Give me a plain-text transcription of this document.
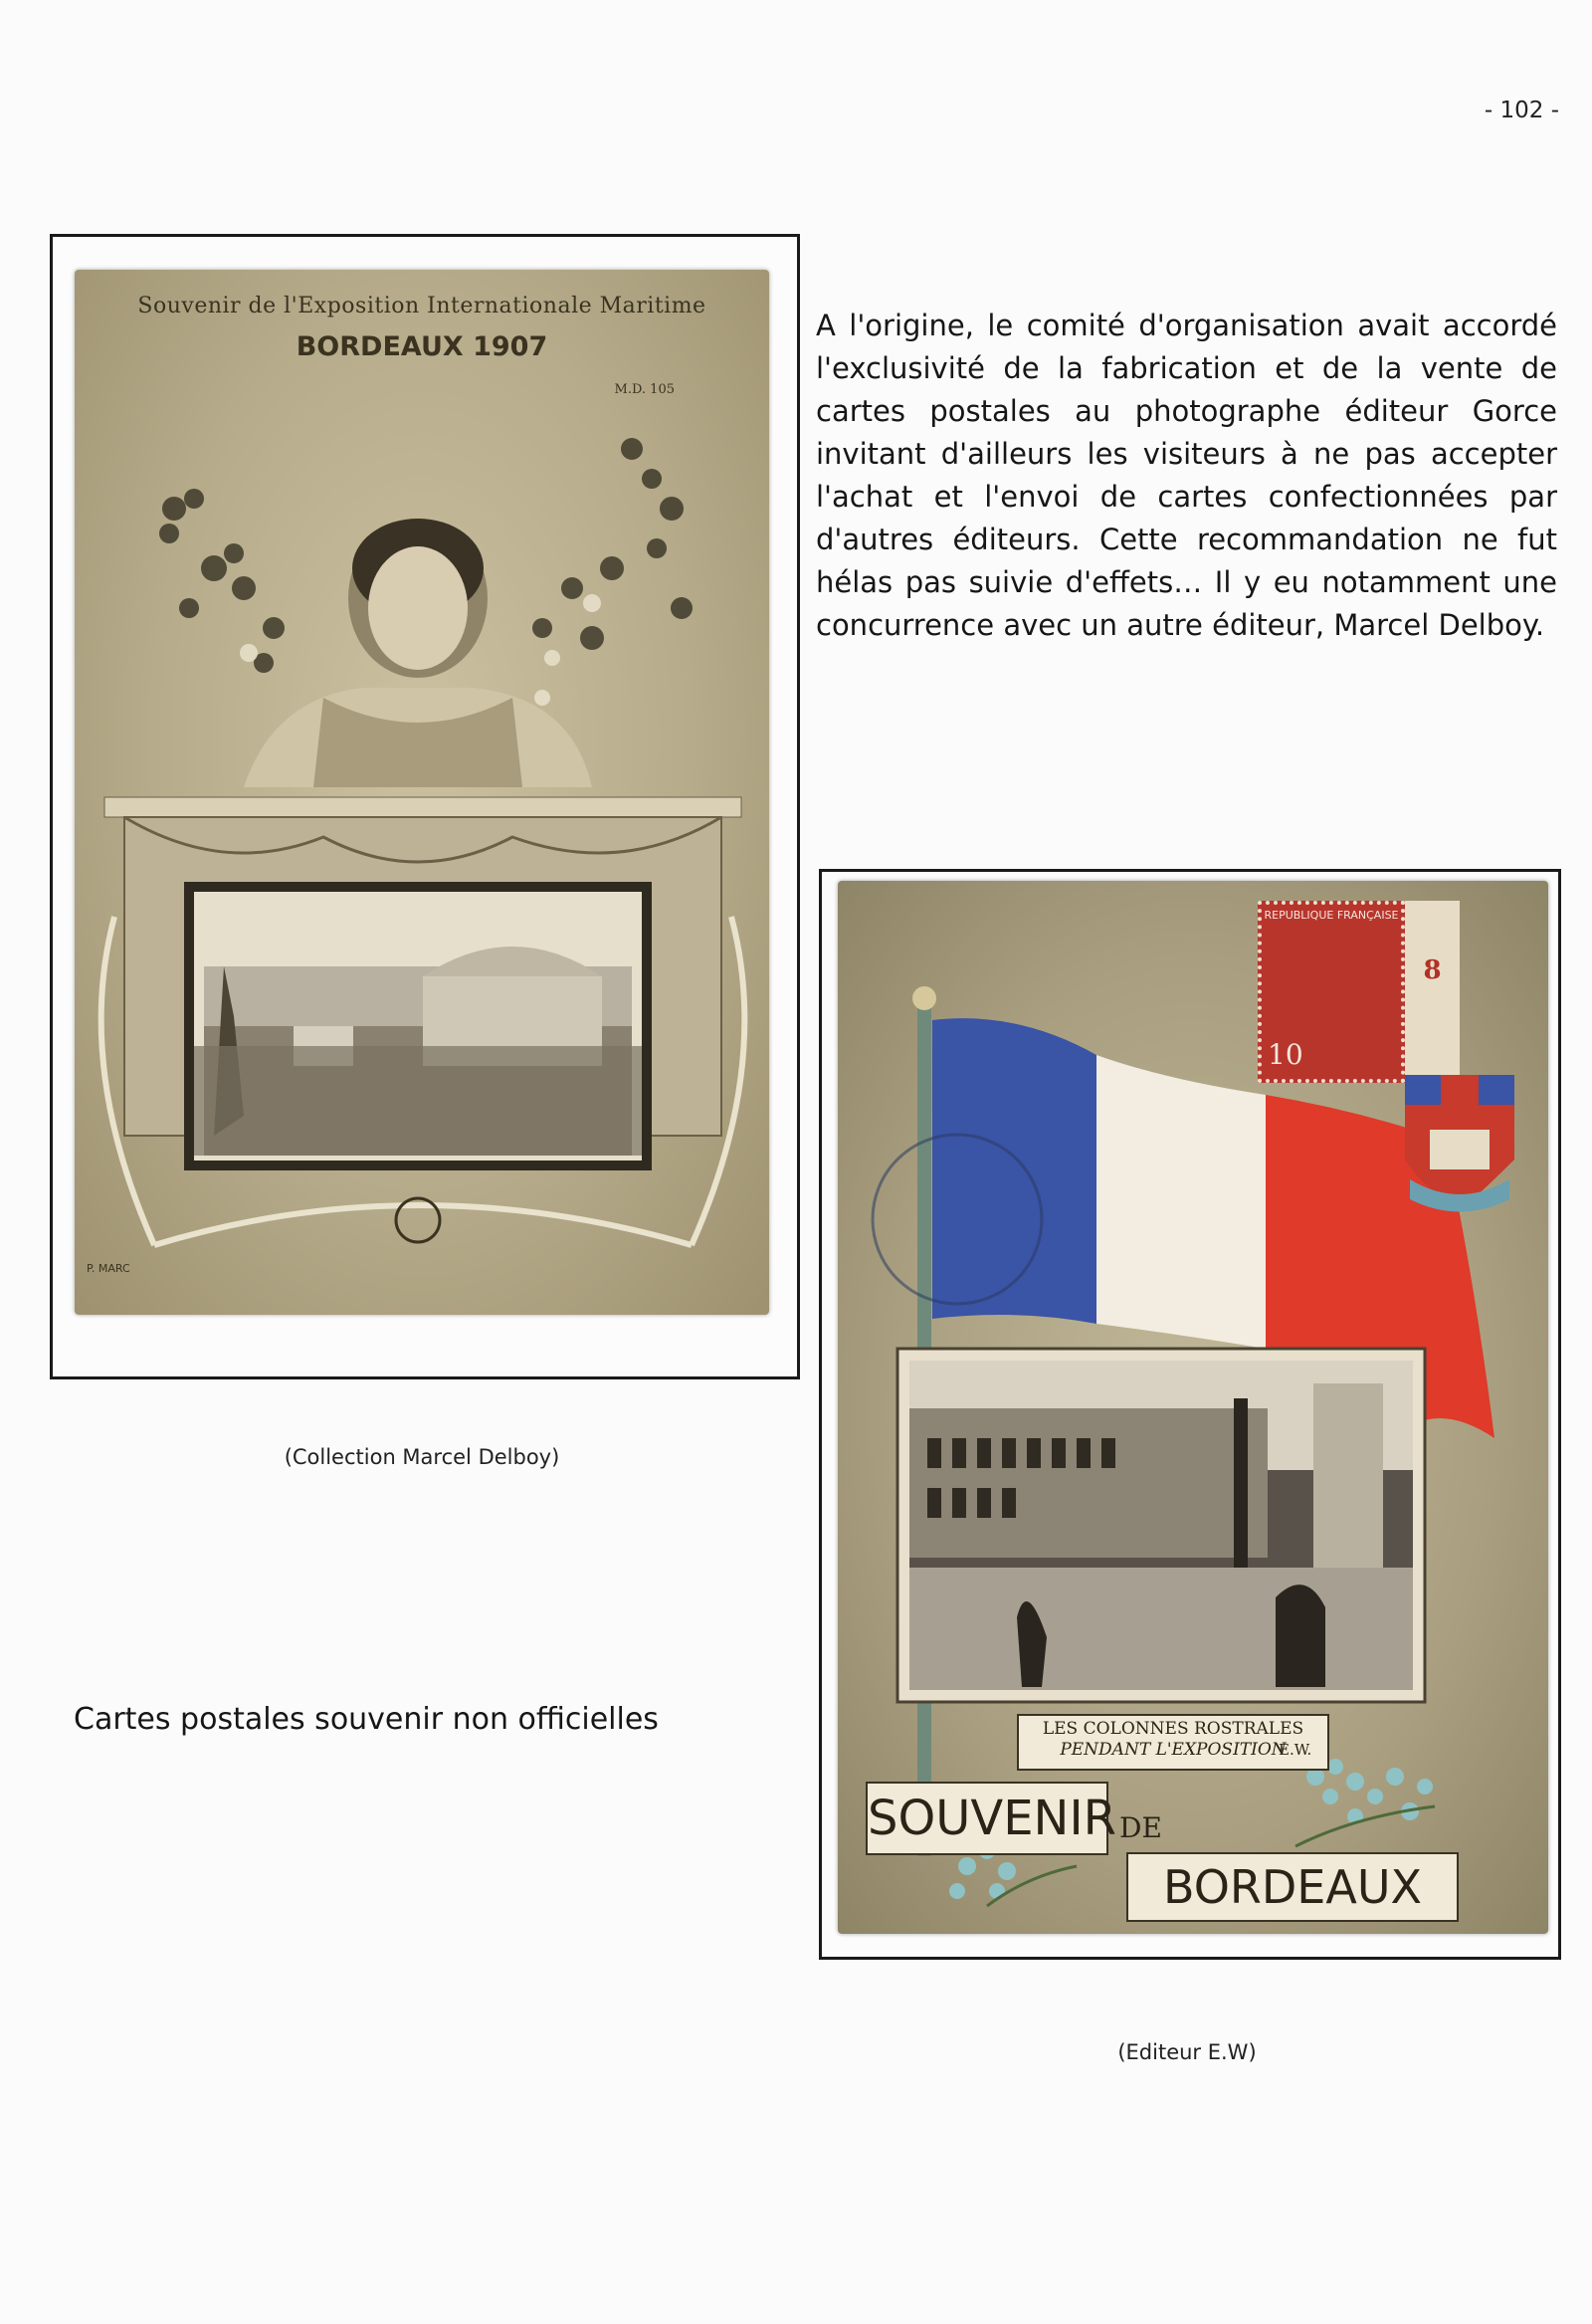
- 102 -
Souvenir de l'Exposition Internationale Maritime
BORDEAUX 1907
M.D. 105
P. MARC
A l'origine, le comité d'organisation avait accordé l'exclusivité de la fabrication et de la vente de cartes postales au photographe éditeur Gorce invitant d'ailleurs les visiteurs à ne pas accepter l'achat et l'envoi de cartes confectionnées par d'autres éditeurs. Cette recommandation ne fut hélas pas suivie d'effets… Il y eu notamment une concurrence avec un autre éditeur, Marcel Delboy.
(Collection Marcel Delboy)
Cartes postales souvenir non officielles
REPUBLIQUE FRANÇAISE
10
8
LES COLONNES ROSTRALES
PENDANT L'EXPOSITION
E.W.
SOUVENIR DE
BORDEAUX
(Editeur E.W)
